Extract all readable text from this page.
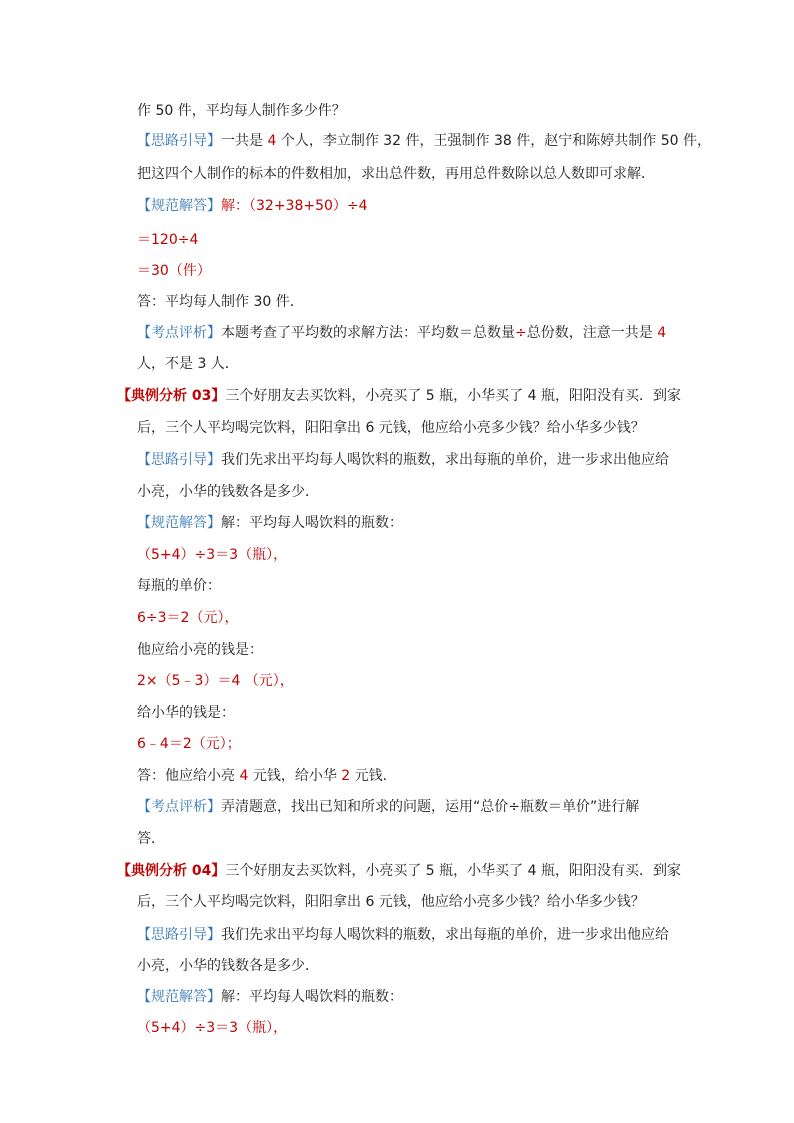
作 50 件，平均每人制作多少件？
【思路引导】一共是 4 个人，李立制作 32 件，王强制作 38 件，赵宁和陈婷共制作 50 件，
把这四个人制作的标本的件数相加，求出总件数，再用总件数除以总人数即可求解．
【规范解答】解：（32+38+50）÷4
＝120÷4
＝30（件）
答：平均每人制作 30 件．
【考点评析】本题考查了平均数的求解方法：平均数＝总数量÷总份数，注意一共是 4
人，不是 3 人．
【典例分析 03】三个好朋友去买饮料，小亮买了 5 瓶，小华买了 4 瓶，阳阳没有买．到家
后，三个人平均喝完饮料，阳阳拿出 6 元钱，他应给小亮多少钱？给小华多少钱？
【思路引导】我们先求出平均每人喝饮料的瓶数，求出每瓶的单价，进一步求出他应给
小亮，小华的钱数各是多少．
【规范解答】解：平均每人喝饮料的瓶数：
（5+4）÷3＝3（瓶），
每瓶的单价：
6÷3＝2（元），
他应给小亮的钱是：
2×（5﹣3）＝4 （元），
给小华的钱是：
6﹣4＝2（元）；
答：他应给小亮 4 元钱，给小华 2 元钱．
【考点评析】弄清题意，找出已知和所求的问题，运用“总价÷瓶数＝单价”进行解
答．
【典例分析 04】三个好朋友去买饮料，小亮买了 5 瓶，小华买了 4 瓶，阳阳没有买．到家
后，三个人平均喝完饮料，阳阳拿出 6 元钱，他应给小亮多少钱？给小华多少钱？
【思路引导】我们先求出平均每人喝饮料的瓶数，求出每瓶的单价，进一步求出他应给
小亮，小华的钱数各是多少．
【规范解答】解：平均每人喝饮料的瓶数：
（5+4）÷3＝3（瓶），
